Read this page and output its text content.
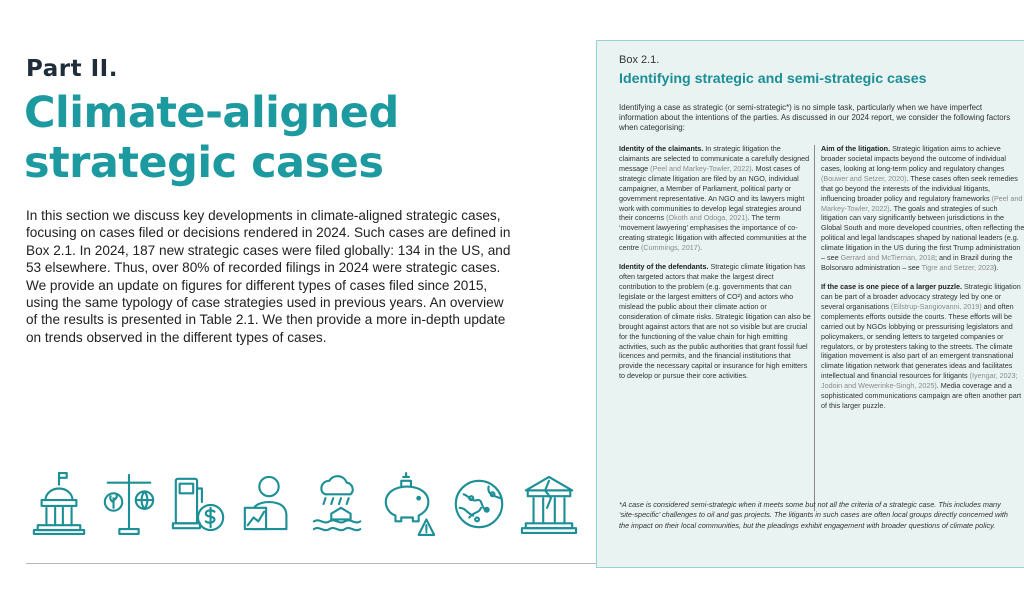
Part II.
Climate-aligned
strategic cases

In this section we discuss key developments in climate-aligned strategic cases, focusing on cases filed or decisions rendered in 2024. Such cases are defined in Box 2.1. In 2024, 187 new strategic cases were filed globally: 134 in the US, and 53 elsewhere. Thus, over 80% of recorded filings in 2024 were strategic cases. We provide an update on figures for different types of cases filed since 2015, using the same typology of case strategies used in previous years. An overview of the results is presented in Table 2.1. We then provide a more in-depth update on trends observed in the different types of cases.

Box 2.1.
Identifying strategic and semi-strategic cases

Identifying a case as strategic (or semi-strategic*) is no simple task, particularly when we have imperfect information about the intentions of the parties. As discussed in our 2024 report, we consider the following factors when categorising:

Identity of the claimants. In strategic litigation the claimants are selected to communicate a carefully designed message (Peel and Markey-Towler, 2022). Most cases of strategic climate litigation are filed by an NGO, individual campaigner, a Member of Parliament, political party or government representative. An NGO and its lawyers might work with communities to develop legal strategies around their concerns (Okoth and Odoga, 2021). The term ‘movement lawyering’ emphasises the importance of co-creating strategic litigation with affected communities at the centre (Cummings, 2017).

Identity of the defendants. Strategic climate litigation has often targeted actors that make the largest direct contribution to the problem (e.g. governments that can legislate or the largest emitters of CO²) and actors who mislead the public about their climate action or consideration of climate risks. Strategic litigation can also be brought against actors that are not so visible but are crucial for the functioning of the value chain for high emitting activities, such as the public authorities that grant fossil fuel licences and permits, and the financial institutions that provide the necessary capital or insurance for high emitters to develop or pursue their core activities.

Aim of the litigation. Strategic litigation aims to achieve broader societal impacts beyond the outcome of individual cases, looking at long-term policy and regulatory changes (Bouwer and Setzer, 2020). These cases often seek remedies that go beyond the interests of the individual litigants, influencing broader policy and regulatory frameworks (Peel and Markey-Towler, 2022). The goals and strategies of such litigation can vary significantly between jurisdictions in the Global South and more developed countries, often reflecting the political and legal landscapes shaped by national leaders (e.g. climate litigation in the US during the first Trump administration – see Gerrard and McTiernan, 2018; and in Brazil during the Bolsonaro administration – see Tigre and Setzer, 2023).

If the case is one piece of a larger puzzle. Strategic litigation can be part of a broader advocacy strategy led by one or several organisations (Eilstrup-Sangiovanni, 2019) and often complements efforts outside the courts. These efforts will be carried out by NGOs lobbying or pressurising legislators and policymakers, or sending letters to targeted companies or regulators, or by protesters taking to the streets. The climate litigation movement is also part of an emergent transnational climate litigation network that generates ideas and facilitates intellectual and financial resources for litigants (Iyengar, 2023; Jodoin and Wewerinke-Singh, 2025). Media coverage and a sophisticated communications campaign are often another part of this larger puzzle.

*A case is considered semi-strategic when it meets some but not all the criteria of a strategic case. This includes many ‘site-specific’ challenges to oil and gas projects. The litigants in such cases are often local groups directly concerned with the impact on their local communities, but the pleadings exhibit engagement with broader questions of climate policy.
